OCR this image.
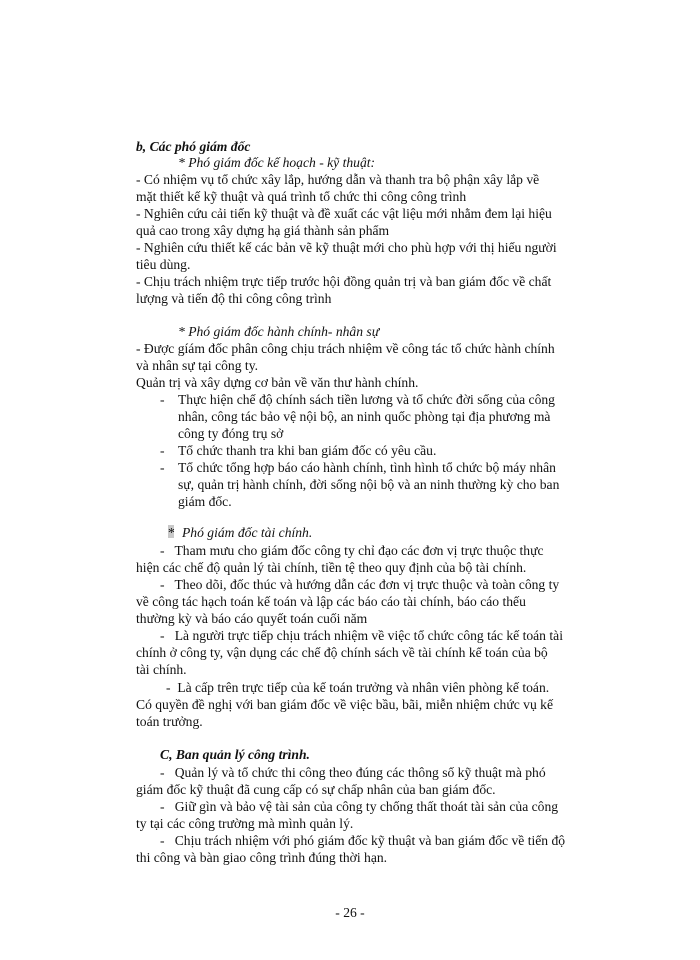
b, Các phó giám đốc
* Phó giám đốc kế hoạch - kỹ thuật:
- Có nhiệm vụ tổ chức xây lắp, hướng dẫn và thanh tra bộ phận xây lắp về
mặt thiết kế kỹ thuật và quá trình tổ chức thi công công trình
- Nghiên cứu cải tiến kỹ thuật và đề xuất các vật liệu mới nhằm đem lại hiệu
quả cao trong xây dựng hạ giá thành sản phẩm
- Nghiên cứu thiết kế các bản vẽ kỹ thuật mới cho phù hợp với thị hiếu người
tiêu dùng.
- Chịu trách nhiệm trực tiếp trước hội đồng quản trị và ban giám đốc về chất
lượng và tiến độ thi công công trình
* Phó giám đốc hành chính- nhân sự
- Được gíám đốc phân công chịu trách nhiệm về công tác tổ chức hành chính
và nhân sự tại công ty.
Quản trị và xây dựng cơ bản về văn thư hành chính.
- Thực hiện chế độ chính sách tiền lương và tổ chức đời sống của công
nhân, công tác bảo vệ nội bộ, an ninh quốc phòng tại địa phương mà
công ty đóng trụ sở
- Tổ chức thanh tra khi ban giám đốc có yêu cầu.
- Tổ chức tổng hợp báo cáo hành chính, tình hình tổ chức bộ máy nhân
sự, quản trị hành chính, đời sống nội bộ và an ninh thường kỳ cho ban
giám đốc.
* Phó giám đốc tài chính.
-   Tham mưu cho giám đốc công ty chỉ đạo các đơn vị trực thuộc thực
hiện các chế độ quản lý tài chính, tiền tệ theo quy định của bộ tài chính.
-   Theo dõi, đốc thúc và hướng dẫn các đơn vị trực thuộc và toàn công ty
về công tác hạch toán kế toán và lập các báo cáo tài chính, báo cáo thếu
thường kỳ và báo cáo quyết toán cuối năm
-   Là người trực tiếp chịu trách nhiệm về việc tổ chức công tác kế toán tài
chính ở công ty, vận dụng các chế độ chính sách về tài chính kế toán của bộ
tài chính.
-  Là cấp trên trực tiếp của kế toán trưởng và nhân viên phòng kế toán.
Có quyền đề nghị với ban giám đốc về việc bầu, bãi, miễn nhiệm chức vụ kế
toán trưởng.
C, Ban quản lý công trình.
-   Quản lý và tổ chức thi công theo đúng các thông số kỹ thuật mà phó
giám đốc kỹ thuật đã cung cấp có sự chấp nhân của ban giám đốc.
-   Giữ gìn và bảo vệ tài sản của công ty chống thất thoát tài sản của công
ty tại các công trường mà mình quản lý.
-   Chịu trách nhiệm với phó giám đốc kỹ thuật và ban giám đốc về tiến độ
thi công và bàn giao công trình đúng thời hạn.
- 26 -
